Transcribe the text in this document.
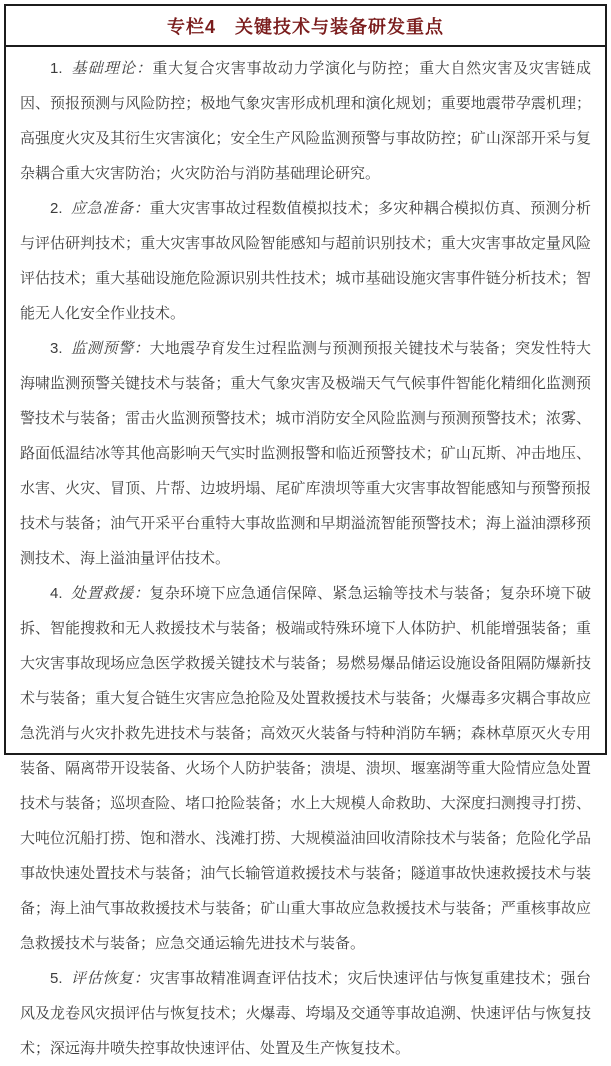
专栏4　关键技术与装备研发重点

1. 基础理论：重大复合灾害事故动力学演化与防控；重大自然灾害及灾害链成因、预报预测与风险防控；极地气象灾害形成机理和演化规划；重要地震带孕震机理；高强度火灾及其衍生灾害演化；安全生产风险监测预警与事故防控；矿山深部开采与复杂耦合重大灾害防治；火灾防治与消防基础理论研究。

2. 应急准备：重大灾害事故过程数值模拟技术；多灾种耦合模拟仿真、预测分析与评估研判技术；重大灾害事故风险智能感知与超前识别技术；重大灾害事故定量风险评估技术；重大基础设施危险源识别共性技术；城市基础设施灾害事件链分析技术；智能无人化安全作业技术。

3. 监测预警：大地震孕育发生过程监测与预测预报关键技术与装备；突发性特大海啸监测预警关键技术与装备；重大气象灾害及极端天气气候事件智能化精细化监测预警技术与装备；雷击火监测预警技术；城市消防安全风险监测与预测预警技术；浓雾、路面低温结冰等其他高影响天气实时监测报警和临近预警技术；矿山瓦斯、冲击地压、水害、火灾、冒顶、片帮、边坡坍塌、尾矿库溃坝等重大灾害事故智能感知与预警预报技术与装备；油气开采平台重特大事故监测和早期溢流智能预警技术；海上溢油漂移预测技术、海上溢油量评估技术。

4. 处置救援：复杂环境下应急通信保障、紧急运输等技术与装备；复杂环境下破拆、智能搜救和无人救援技术与装备；极端或特殊环境下人体防护、机能增强装备；重大灾害事故现场应急医学救援关键技术与装备；易燃易爆品储运设施设备阻隔防爆新技术与装备；重大复合链生灾害应急抢险及处置救援技术与装备；火爆毒多灾耦合事故应急洗消与火灾扑救先进技术与装备；高效灭火装备与特种消防车辆；森林草原灭火专用装备、隔离带开设装备、火场个人防护装备；溃堤、溃坝、堰塞湖等重大险情应急处置技术与装备；巡坝查险、堵口抢险装备；水上大规模人命救助、大深度扫测搜寻打捞、大吨位沉船打捞、饱和潜水、浅滩打捞、大规模溢油回收清除技术与装备；危险化学品事故快速处置技术与装备；油气长输管道救援技术与装备；隧道事故快速救援技术与装备；海上油气事故救援技术与装备；矿山重大事故应急救援技术与装备；严重核事故应急救援技术与装备；应急交通运输先进技术与装备。

5. 评估恢复：灾害事故精准调查评估技术；灾后快速评估与恢复重建技术；强台风及龙卷风灾损评估与恢复技术；火爆毒、垮塌及交通等事故追溯、快速评估与恢复技术；深远海井喷失控事故快速评估、处置及生产恢复技术。
